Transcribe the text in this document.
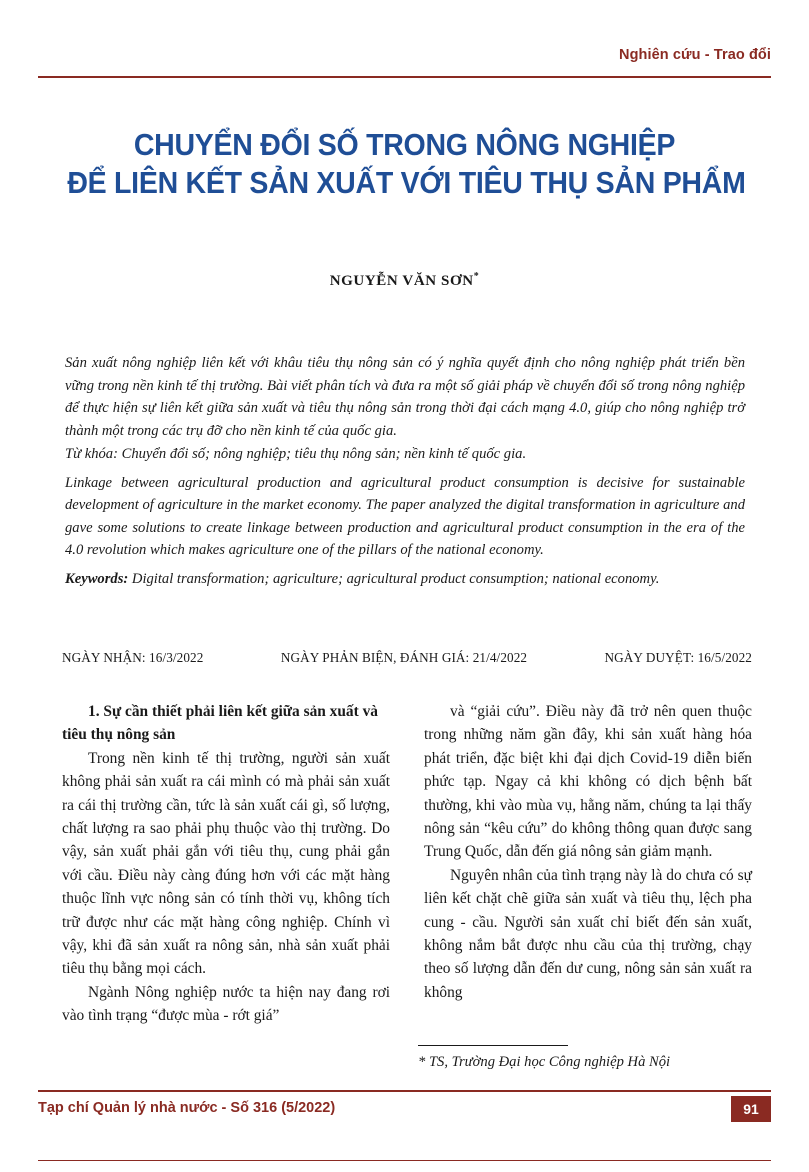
Nghiên cứu - Trao đổi
CHUYỂN ĐỔI SỐ TRONG NÔNG NGHIỆP
ĐỂ LIÊN KẾT SẢN XUẤT VỚI TIÊU THỤ SẢN PHẨM
NGUYỄN VĂN SƠN*

Sản xuất nông nghiệp liên kết với khâu tiêu thụ nông sản có ý nghĩa quyết định cho nông nghiệp phát triển bền vững trong nền kinh tế thị trường. Bài viết phân tích và đưa ra một số giải pháp về chuyển đổi số trong nông nghiệp để thực hiện sự liên kết giữa sản xuất và tiêu thụ nông sản trong thời đại cách mạng 4.0, giúp cho nông nghiệp trở thành một trong các trụ đỡ cho nền kinh tế của quốc gia.

Từ khóa: Chuyển đổi số; nông nghiệp; tiêu thụ nông sản; nền kinh tế quốc gia.

Linkage between agricultural production and agricultural product consumption is decisive for sustainable development of agriculture in the market economy. The paper analyzed the digital transformation in agriculture and gave some solutions to create linkage between production and agricultural product consumption in the era of the 4.0 revolution which makes agriculture one of the pillars of the national economy.

Keywords: Digital transformation; agriculture; agricultural product consumption; national economy.

NGÀY NHẬN: 16/3/2022	NGÀY PHẢN BIỆN, ĐÁNH GIÁ: 21/4/2022	NGÀY DUYỆT: 16/5/2022

1. Sự cần thiết phải liên kết giữa sản xuất và tiêu thụ nông sản

Trong nền kinh tế thị trường, người sản xuất không phải sản xuất ra cái mình có mà phải sản xuất ra cái thị trường cần, tức là sản xuất cái gì, số lượng, chất lượng ra sao phải phụ thuộc vào thị trường. Do vậy, sản xuất phải gắn với tiêu thụ, cung phải gắn với cầu. Điều này càng đúng hơn với các mặt hàng thuộc lĩnh vực nông sản có tính thời vụ, không tích trữ được như các mặt hàng công nghiệp. Chính vì vậy, khi đã sản xuất ra nông sản, nhà sản xuất phải tiêu thụ bằng mọi cách.

Ngành Nông nghiệp nước ta hiện nay đang rơi vào tình trạng “được mùa - rớt giá”

và “giải cứu”. Điều này đã trở nên quen thuộc trong những năm gần đây, khi sản xuất hàng hóa phát triển, đặc biệt khi đại dịch Covid-19 diễn biến phức tạp. Ngay cả khi không có dịch bệnh bất thường, khi vào mùa vụ, hằng năm, chúng ta lại thấy nông sản “kêu cứu” do không thông quan được sang Trung Quốc, dẫn đến giá nông sản giảm mạnh.

Nguyên nhân của tình trạng này là do chưa có sự liên kết chặt chẽ giữa sản xuất và tiêu thụ, lệch pha cung - cầu. Người sản xuất chỉ biết đến sản xuất, không nắm bắt được nhu cầu của thị trường, chạy theo số lượng dẫn đến dư cung, nông sản sản xuất ra không

* TS, Trường Đại học Công nghiệp Hà Nội
Tạp chí Quản lý nhà nước - Số 316 (5/2022)	91
